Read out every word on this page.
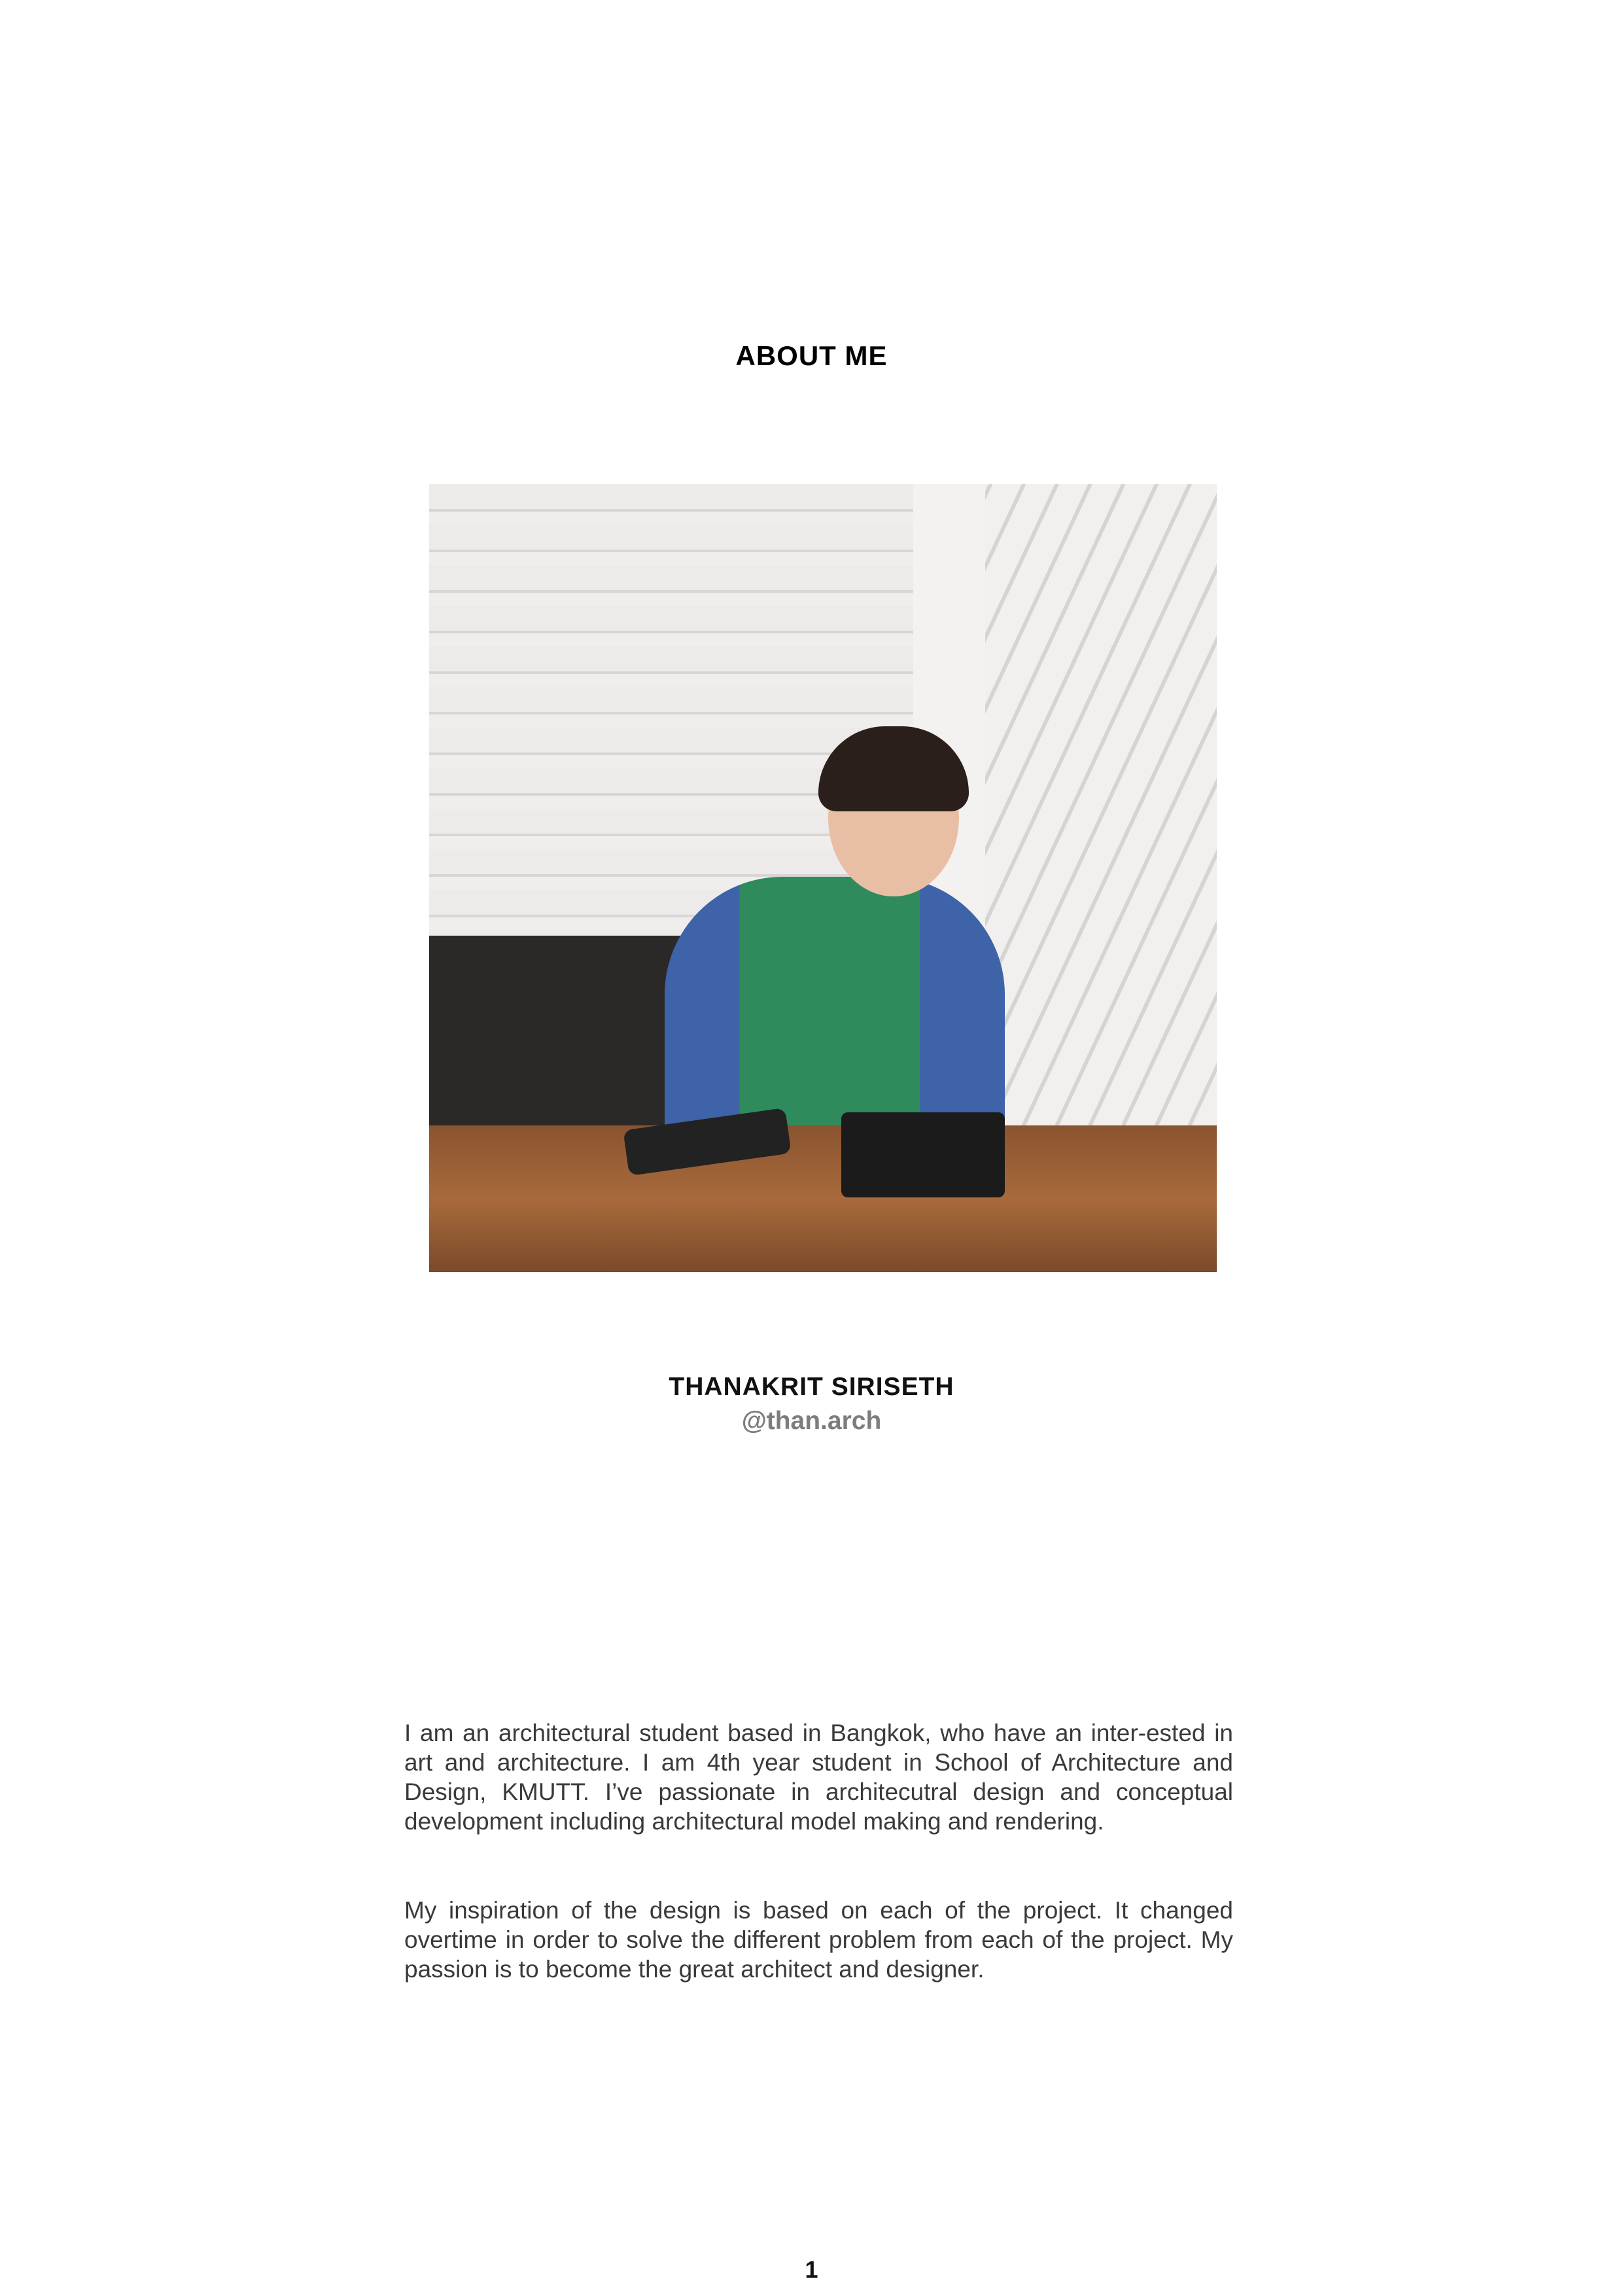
ABOUT ME
THANAKRIT SIRISETH
@than.arch

I am an architectural student based in Bangkok, who have an inter-ested in art and architecture. I am 4th year student in School of Architecture and Design, KMUTT. I’ve passionate in architecutral design and conceptual development including architectural model making and rendering.

My inspiration of the design is based on each of the project. It changed overtime in order to solve the different problem from each of the project. My passion is to become the great architect and designer.

1
